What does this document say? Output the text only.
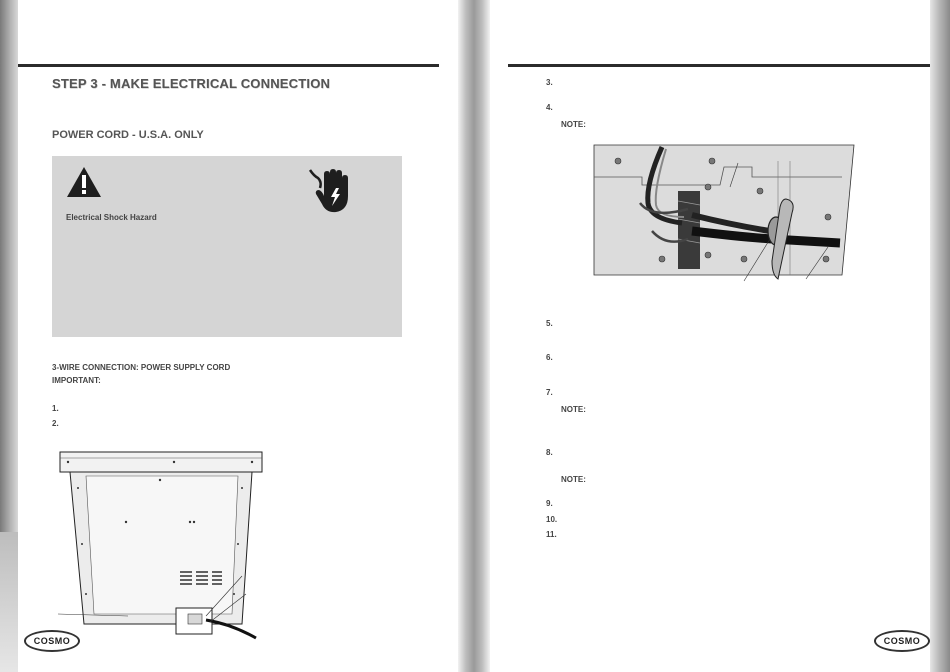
STEP 3 - MAKE ELECTRICAL CONNECTION
POWER CORD - U.S.A. ONLY
Electrical Shock Hazard
3-WIRE CONNECTION: POWER SUPPLY CORD
IMPORTANT:
1.
2.
COSMO
3.
4.
NOTE:
5.
6.
7.
NOTE:
8.
NOTE:
9.
10.
11.
COSMO
